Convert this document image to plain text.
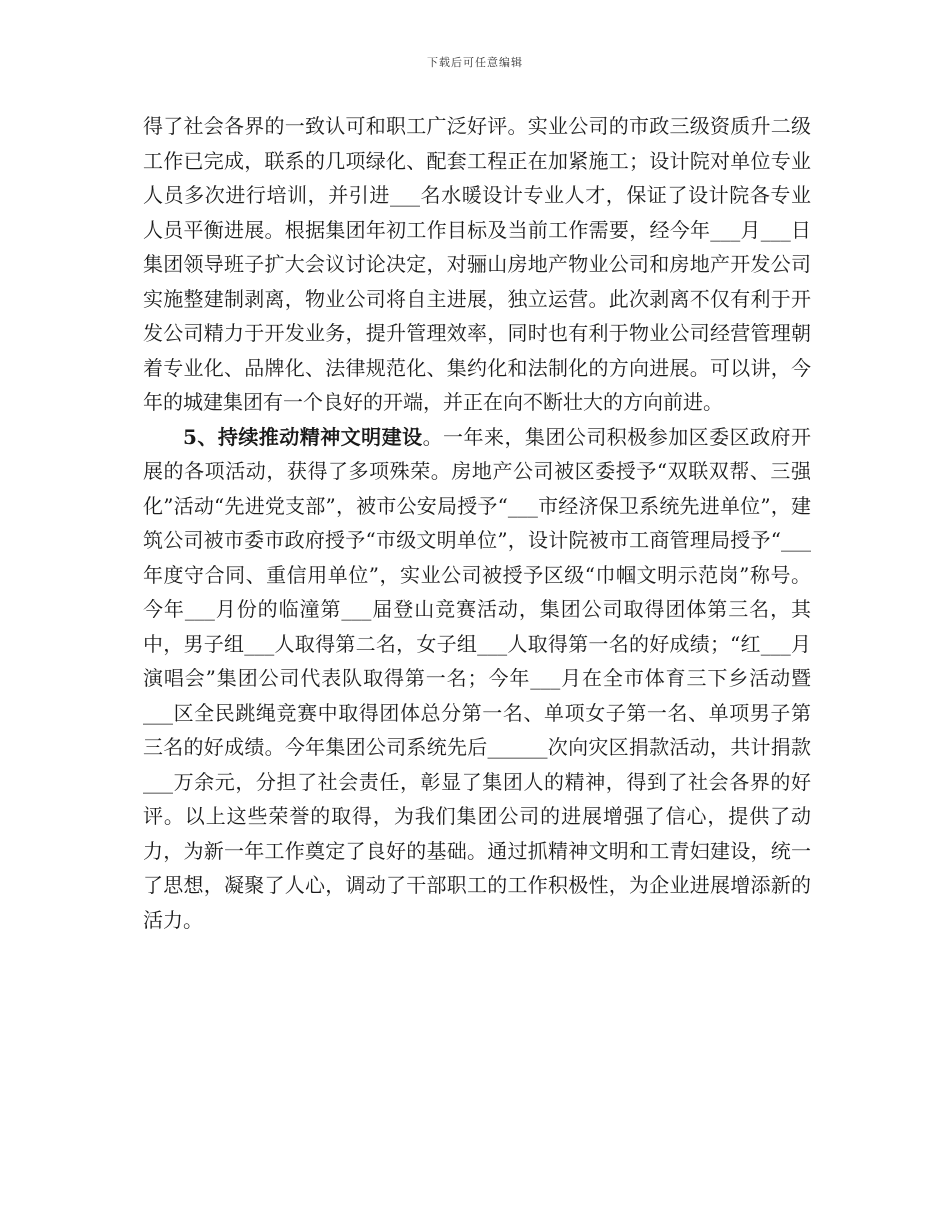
下载后可任意编辑

得了社会各界的一致认可和职工广泛好评。实业公司的市政三级资质升二级工作已完成，联系的几项绿化、配套工程正在加紧施工；设计院对单位专业人员多次进行培训，并引进___名水暖设计专业人才，保证了设计院各专业人员平衡进展。根据集团年初工作目标及当前工作需要，经今年___月___日集团领导班子扩大会议讨论决定，对骊山房地产物业公司和房地产开发公司实施整建制剥离，物业公司将自主进展，独立运营。此次剥离不仅有利于开发公司精力于开发业务，提升管理效率，同时也有利于物业公司经营管理朝着专业化、品牌化、法律规范化、集约化和法制化的方向进展。可以讲，今年的城建集团有一个良好的开端，并正在向不断壮大的方向前进。

5、持续推动精神文明建设。一年来，集团公司积极参加区委区政府开展的各项活动，获得了多项殊荣。房地产公司被区委授予“双联双帮、三强化”活动“先进党支部”，被市公安局授予“___市经济保卫系统先进单位”，建筑公司被市委市政府授予“市级文明单位”，设计院被市工商管理局授予“___年度守合同、重信用单位”，实业公司被授予区级“巾帼文明示范岗”称号。今年___月份的临潼第___届登山竞赛活动，集团公司取得团体第三名，其中，男子组___人取得第二名，女子组___人取得第一名的好成绩；“红___月演唱会”集团公司代表队取得第一名；今年___月在全市体育三下乡活动暨___区全民跳绳竞赛中取得团体总分第一名、单项女子第一名、单项男子第三名的好成绩。今年集团公司系统先后______次向灾区捐款活动，共计捐款___万余元，分担了社会责任，彰显了集团人的精神，得到了社会各界的好评。以上这些荣誉的取得，为我们集团公司的进展增强了信心，提供了动力，为新一年工作奠定了良好的基础。通过抓精神文明和工青妇建设，统一了思想，凝聚了人心，调动了干部职工的工作积极性，为企业进展增添新的活力。
